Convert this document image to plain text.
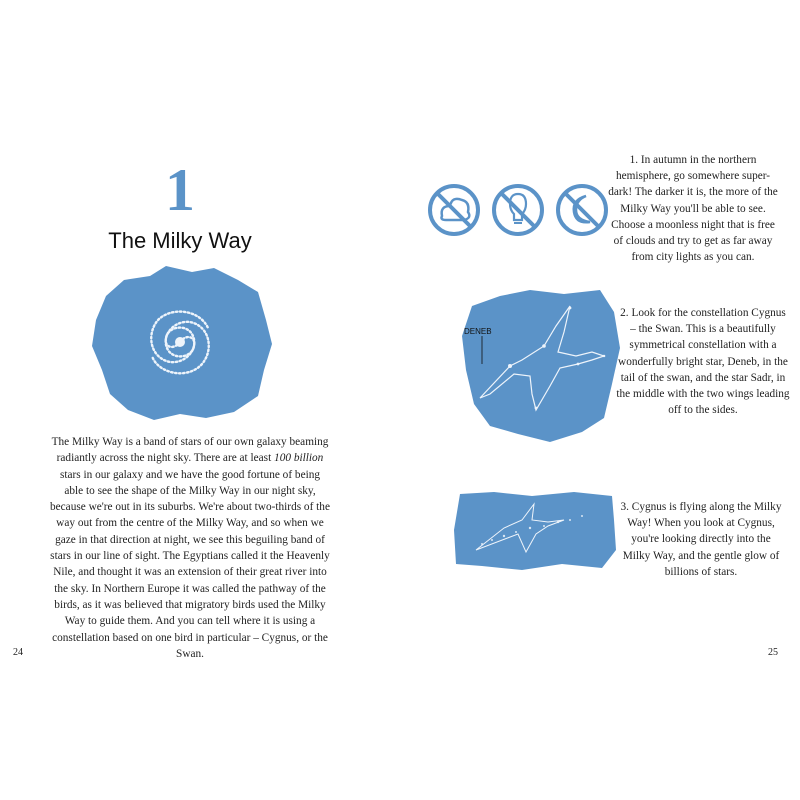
1
The Milky Way
The Milky Way is a band of stars of our own galaxy beaming radiantly across the night sky. There are at least 100 billion stars in our galaxy and we have the good fortune of being able to see the shape of the Milky Way in our night sky, because we're out in its suburbs. We're about two-thirds of the way out from the centre of the Milky Way, and so when we gaze in that direction at night, we see this beguiling band of stars in our line of sight. The Egyptians called it the Heavenly Nile, and thought it was an extension of their great river into the sky. In Northern Europe it was called the pathway of the birds, as it was believed that migratory birds used the Milky Way to guide them. And you can tell where it is using a constellation based on one bird in particular – Cygnus, or the Swan.
24	25
1. In autumn in the northern hemisphere, go somewhere super-dark! The darker it is, the more of the Milky Way you'll be able to see. Choose a moonless night that is free of clouds and try to get as far away from city lights as you can.
DENEB
2. Look for the constellation Cygnus – the Swan. This is a beautifully symmetrical constellation with a wonderfully bright star, Deneb, in the tail of the swan, and the star Sadr, in the middle with the two wings leading off to the sides.
3. Cygnus is flying along the Milky Way! When you look at Cygnus, you're looking directly into the Milky Way, and the gentle glow of billions of stars.
